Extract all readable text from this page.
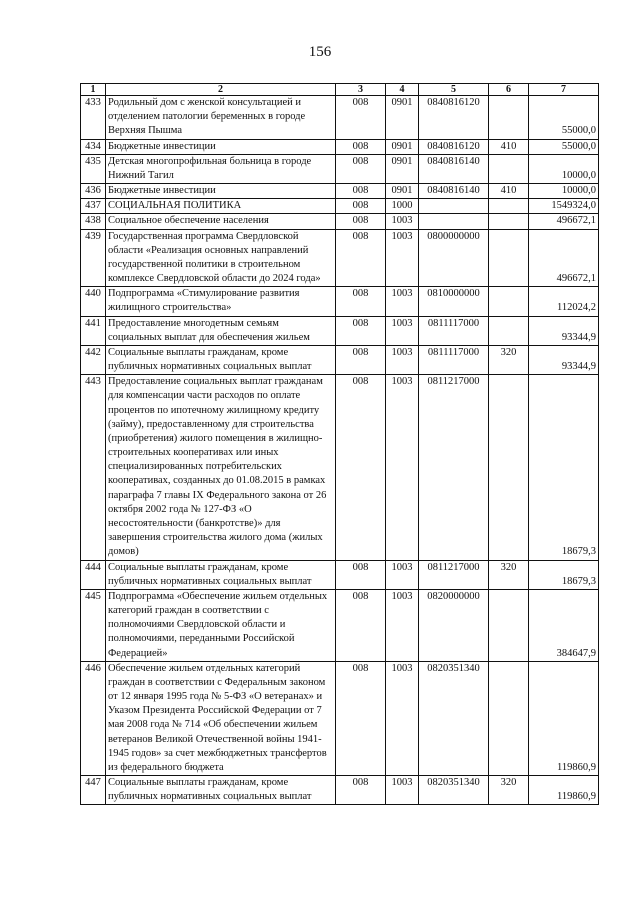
156
1	2	3	4	5	6	7
433	Родильный дом с женской консультацией и отделением патологии беременных в городе Верхняя Пышма	008	0901	0840816120		55000,0
434	Бюджетные инвестиции	008	0901	0840816120	410	55000,0
435	Детская многопрофильная больница в городе Нижний Тагил	008	0901	0840816140		10000,0
436	Бюджетные инвестиции	008	0901	0840816140	410	10000,0
437	СОЦИАЛЬНАЯ ПОЛИТИКА	008	1000			1549324,0
438	Социальное обеспечение населения	008	1003			496672,1
439	Государственная программа Свердловской области «Реализация основных направлений государственной политики в строительном комплексе Свердловской области до 2024 года»	008	1003	0800000000		496672,1
440	Подпрограмма «Стимулирование развития жилищного строительства»	008	1003	0810000000		112024,2
441	Предоставление многодетным семьям социальных выплат для обеспечения жильем	008	1003	0811117000		93344,9
442	Социальные выплаты гражданам, кроме публичных нормативных социальных выплат	008	1003	0811117000	320	93344,9
443	Предоставление социальных выплат гражданам для компенсации части расходов по оплате процентов по ипотечному жилищному кредиту (займу), предоставленному для строительства (приобретения) жилого помещения в жилищно-строительных кооперативах или иных специализированных потребительских кооперативах, созданных до 01.08.2015 в рамках параграфа 7 главы IX Федерального закона от 26 октября 2002 года № 127-ФЗ «О несостоятельности (банкротстве)» для завершения строительства жилого дома (жилых домов)	008	1003	0811217000		18679,3
444	Социальные выплаты гражданам, кроме публичных нормативных социальных выплат	008	1003	0811217000	320	18679,3
445	Подпрограмма «Обеспечение жильем отдельных категорий граждан в соответствии с полномочиями Свердловской области и полномочиями, переданными Российской Федерацией»	008	1003	0820000000		384647,9
446	Обеспечение жильем отдельных категорий граждан в соответствии с Федеральным законом от 12 января 1995 года № 5-ФЗ «О ветеранах» и Указом Президента Российской Федерации от 7 мая 2008 года № 714 «Об обеспечении жильем ветеранов Великой Отечественной войны 1941-1945 годов» за счет межбюджетных трансфертов из федерального бюджета	008	1003	0820351340		119860,9
447	Социальные выплаты гражданам, кроме публичных нормативных социальных выплат	008	1003	0820351340	320	119860,9
